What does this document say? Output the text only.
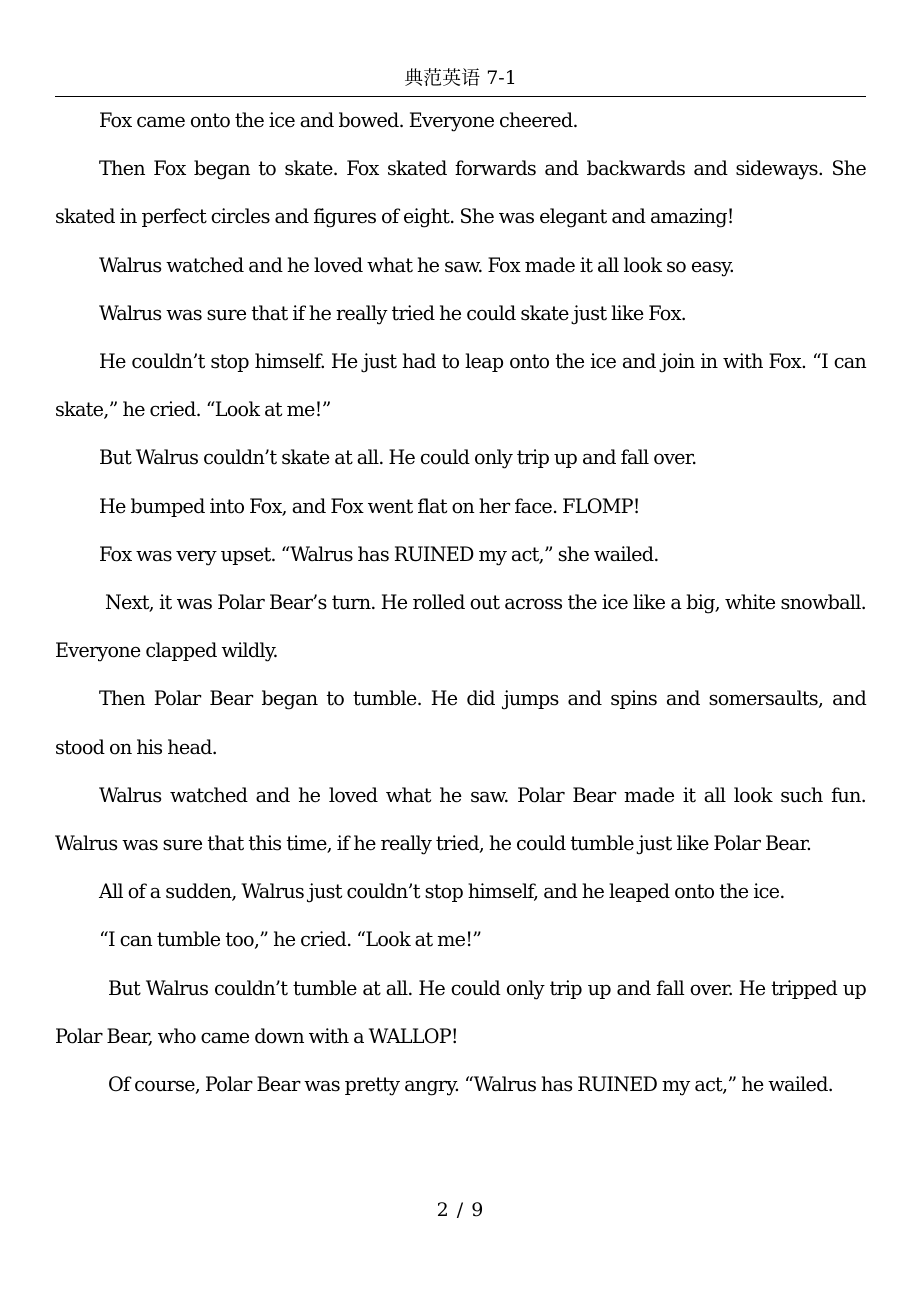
典范英语 7-1

Fox came onto the ice and bowed. Everyone cheered.

Then Fox began to skate. Fox skated forwards and backwards and sideways. She skated in perfect circles and figures of eight. She was elegant and amazing!

Walrus watched and he loved what he saw. Fox made it all look so easy.

Walrus was sure that if he really tried he could skate just like Fox.

He couldn’t stop himself. He just had to leap onto the ice and join in with Fox. “I can skate,” he cried. “Look at me!”

But Walrus couldn’t skate at all. He could only trip up and fall over.

He bumped into Fox, and Fox went flat on her face. FLOMP!

Fox was very upset. “Walrus has RUINED my act,” she wailed.

Next, it was Polar Bear’s turn. He rolled out across the ice like a big, white snowball. Everyone clapped wildly.

Then Polar Bear began to tumble. He did jumps and spins and somersaults, and stood on his head.

Walrus watched and he loved what he saw. Polar Bear made it all look such fun. Walrus was sure that this time, if he really tried, he could tumble just like Polar Bear.

All of a sudden, Walrus just couldn’t stop himself, and he leaped onto the ice.

“I can tumble too,” he cried. “Look at me!”

But Walrus couldn’t tumble at all. He could only trip up and fall over. He tripped up Polar Bear, who came down with a WALLOP!

Of course, Polar Bear was pretty angry. “Walrus has RUINED my act,” he wailed.

2 / 9
